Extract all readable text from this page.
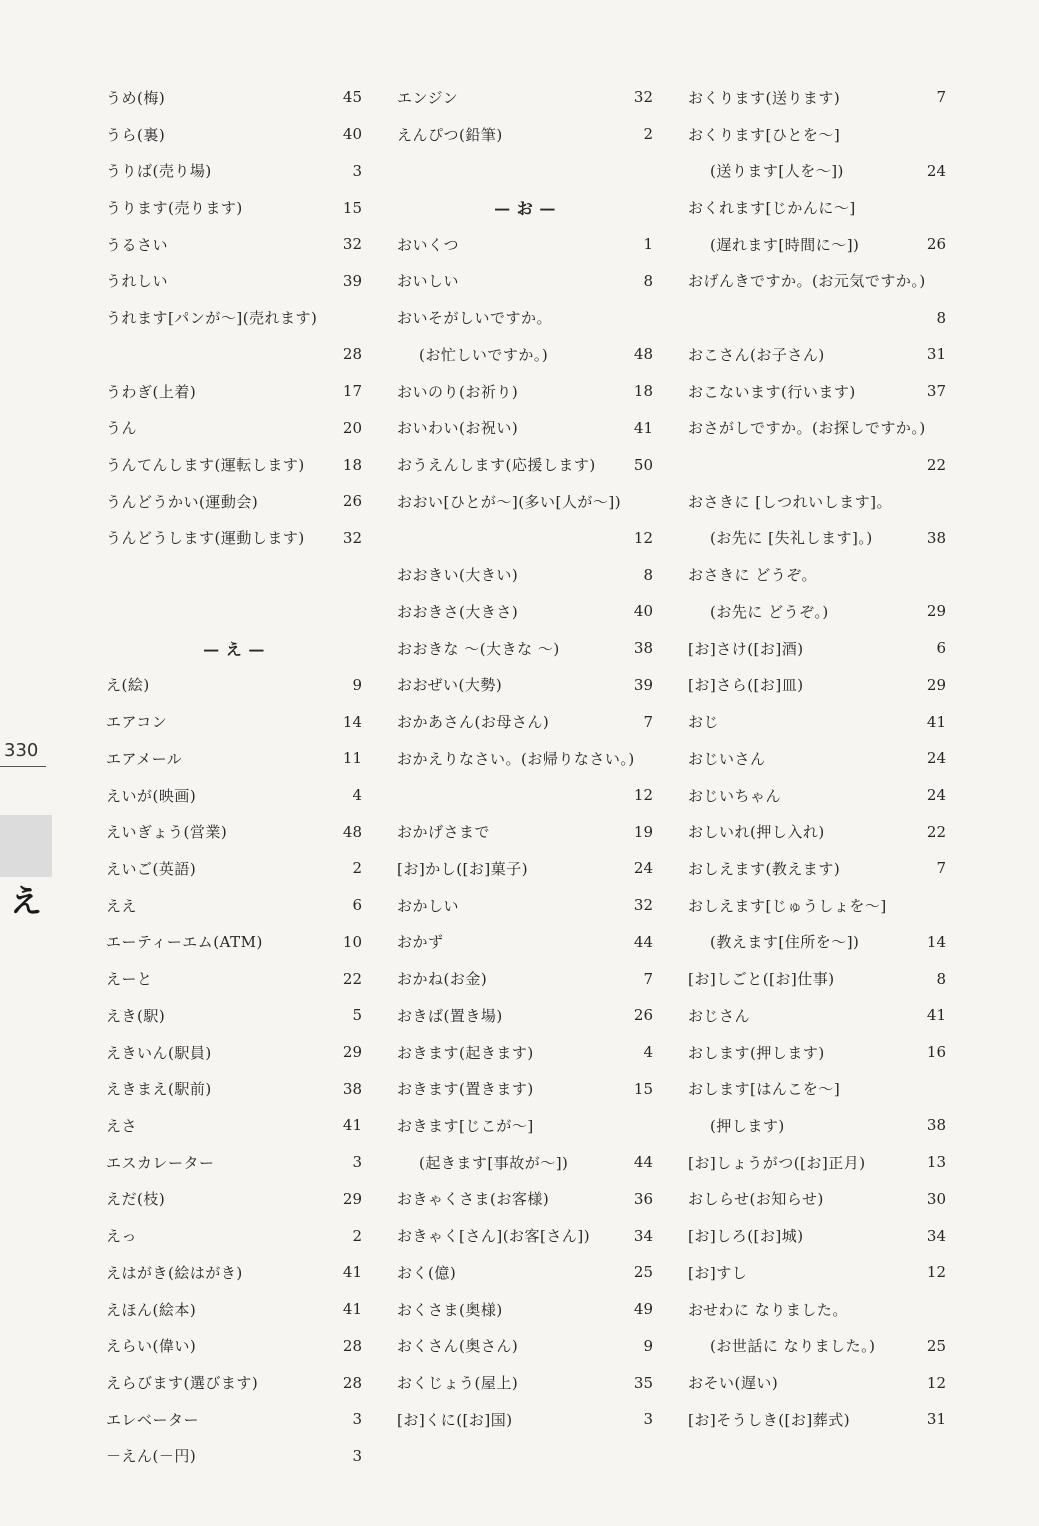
330
え
うめ(梅)	45
うら(裏)	40
うりば(売り場)	3
うります(売ります)	15
うるさい	32
うれしい	39
うれます[パンが～](売れます)
28
うわぎ(上着)	17
うん	20
うんてんします(運転します)	18
うんどうかい(運動会)	26
うんどうします(運動します)	32
— え —
え(絵)	9
エアコン	14
エアメール	11
えいが(映画)	4
えいぎょう(営業)	48
えいご(英語)	2
ええ	6
エーティーエム(ATM)	10
えーと	22
えき(駅)	5
えきいん(駅員)	29
えきまえ(駅前)	38
えさ	41
エスカレーター	3
えだ(枝)	29
えっ	2
えはがき(絵はがき)	41
えほん(絵本)	41
えらい(偉い)	28
えらびます(選びます)	28
エレベーター	3
－えん(－円)	3
エンジン	32
えんぴつ(鉛筆)	2
— お —
おいくつ	1
おいしい	8
おいそがしいですか。
(お忙しいですか。)	48
おいのり(お祈り)	18
おいわい(お祝い)	41
おうえんします(応援します)	50
おおい[ひとが～](多い[人が～])
12
おおきい(大きい)	8
おおきさ(大きさ)	40
おおきな ～(大きな ～)	38
おおぜい(大勢)	39
おかあさん(お母さん)	7
おかえりなさい。(お帰りなさい。)
12
おかげさまで	19
[お]かし([お]菓子)	24
おかしい	32
おかず	44
おかね(お金)	7
おきば(置き場)	26
おきます(起きます)	4
おきます(置きます)	15
おきます[じこが～]
(起きます[事故が～])	44
おきゃくさま(お客様)	36
おきゃく[さん](お客[さん])	34
おく(億)	25
おくさま(奥様)	49
おくさん(奥さん)	9
おくじょう(屋上)	35
[お]くに([お]国)	3
おくります(送ります)	7
おくります[ひとを～]
(送ります[人を～])	24
おくれます[じかんに～]
(遅れます[時間に～])	26
おげんきですか。(お元気ですか。)
8
おこさん(お子さん)	31
おこないます(行います)	37
おさがしですか。(お探しですか。)
22
おさきに [しつれいします]。
(お先に [失礼します]。)	38
おさきに どうぞ。
(お先に どうぞ。)	29
[お]さけ([お]酒)	6
[お]さら([お]皿)	29
おじ	41
おじいさん	24
おじいちゃん	24
おしいれ(押し入れ)	22
おしえます(教えます)	7
おしえます[じゅうしょを～]
(教えます[住所を～])	14
[お]しごと([お]仕事)	8
おじさん	41
おします(押します)	16
おします[はんこを～]
(押します)	38
[お]しょうがつ([お]正月)	13
おしらせ(お知らせ)	30
[お]しろ([お]城)	34
[お]すし	12
おせわに なりました。
(お世話に なりました。)	25
おそい(遅い)	12
[お]そうしき([お]葬式)	31
